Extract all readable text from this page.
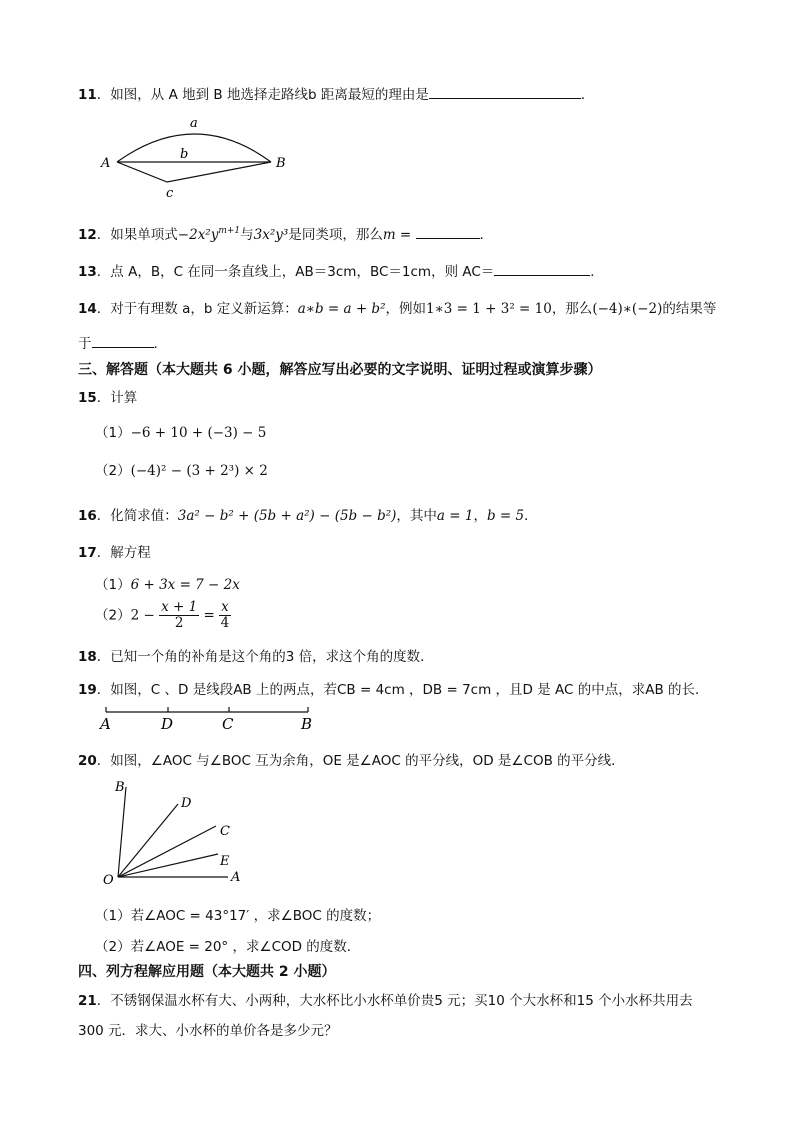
11．如图，从 A 地到 B 地选择走路线b 距离最短的理由是	．
a
b
c
A	B
12．如果单项式$-2x^2y^{m+1}$与3x²y³是同类项，那么m =	．
13．点 A，B，C 在同一条直线上，AB＝3cm，BC＝1cm，则 AC＝	．
14．对于有理数 a，b 定义新运算：a∗b = a + b²，例如1∗3 = 1 + 3² = 10，那么(−4)∗(−2)的结果等
于	．
三、解答题（本大题共 6 小题，解答应写出必要的文字说明、证明过程或演算步骤）
15．计算
（1）−6 + 10 + (−3) − 5
（2）(−4)² − (3 + 2³) × 2
16．化简求值：3a² − b² + (5b + a²) − (5b − b²)，其中a = 1，b = 5．
17．解方程
（1）6 + 3x = 7 − 2x
$(2)2 - \frac{x + 1}{2} = \frac{x}{4}$
18．已知一个角的补角是这个角的3 倍，求这个角的度数．
19．如图，C 、D 是线段AB 上的两点，若CB = 4cm ，DB = 7cm ，且D 是 AC 的中点，求AB 的长．
A	D	C	B
20．如图，∠AOC 与∠BOC 互为余角，OE 是∠AOC 的平分线，OD 是∠COB 的平分线．
B
D
C
E
O	A
（1）若∠AOC = 43°17′ ，求∠BOC 的度数；
（2）若∠AOE = 20° ，求∠COD 的度数．
四、列方程解应用题（本大题共 2 小题）
21．不锈钢保温水杯有大、小两种，大水杯比小水杯单价贵5 元；买10 个大水杯和15 个小水杯共用去
300 元．求大、小水杯的单价各是多少元？
